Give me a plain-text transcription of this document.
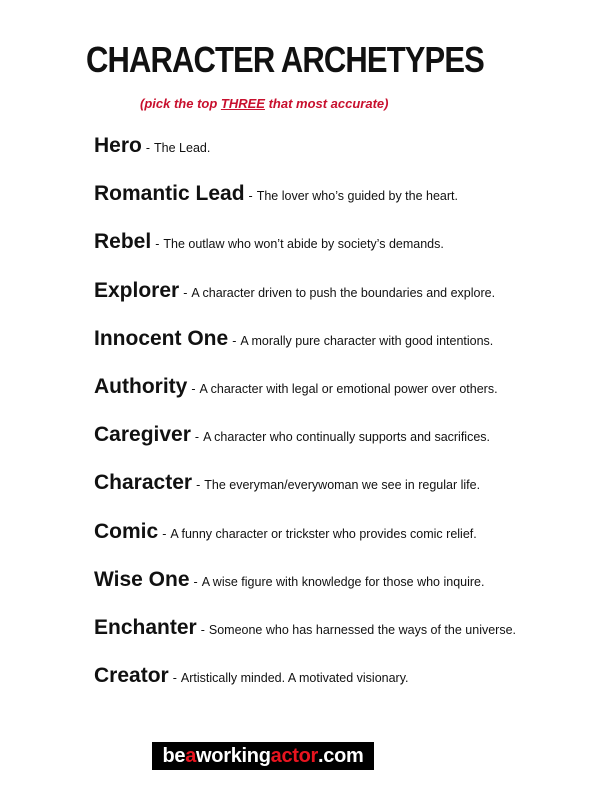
CHARACTER ARCHETYPES
(pick the top THREE that most accurate)
Hero - The Lead.
Romantic Lead - The lover who’s guided by the heart.
Rebel - The outlaw who won’t abide by society’s demands.
Explorer - A character driven to push the boundaries and explore.
Innocent One - A morally pure character with good intentions.
Authority - A character with legal or emotional power over others.
Caregiver - A character who continually supports and sacrifices.
Character - The everyman/everywoman we see in regular life.
Comic - A funny character or trickster who provides comic relief.
Wise One - A wise figure with knowledge for those who inquire.
Enchanter - Someone who has harnessed the ways of the universe.
Creator - Artistically minded. A motivated visionary.
be a working actor .com
